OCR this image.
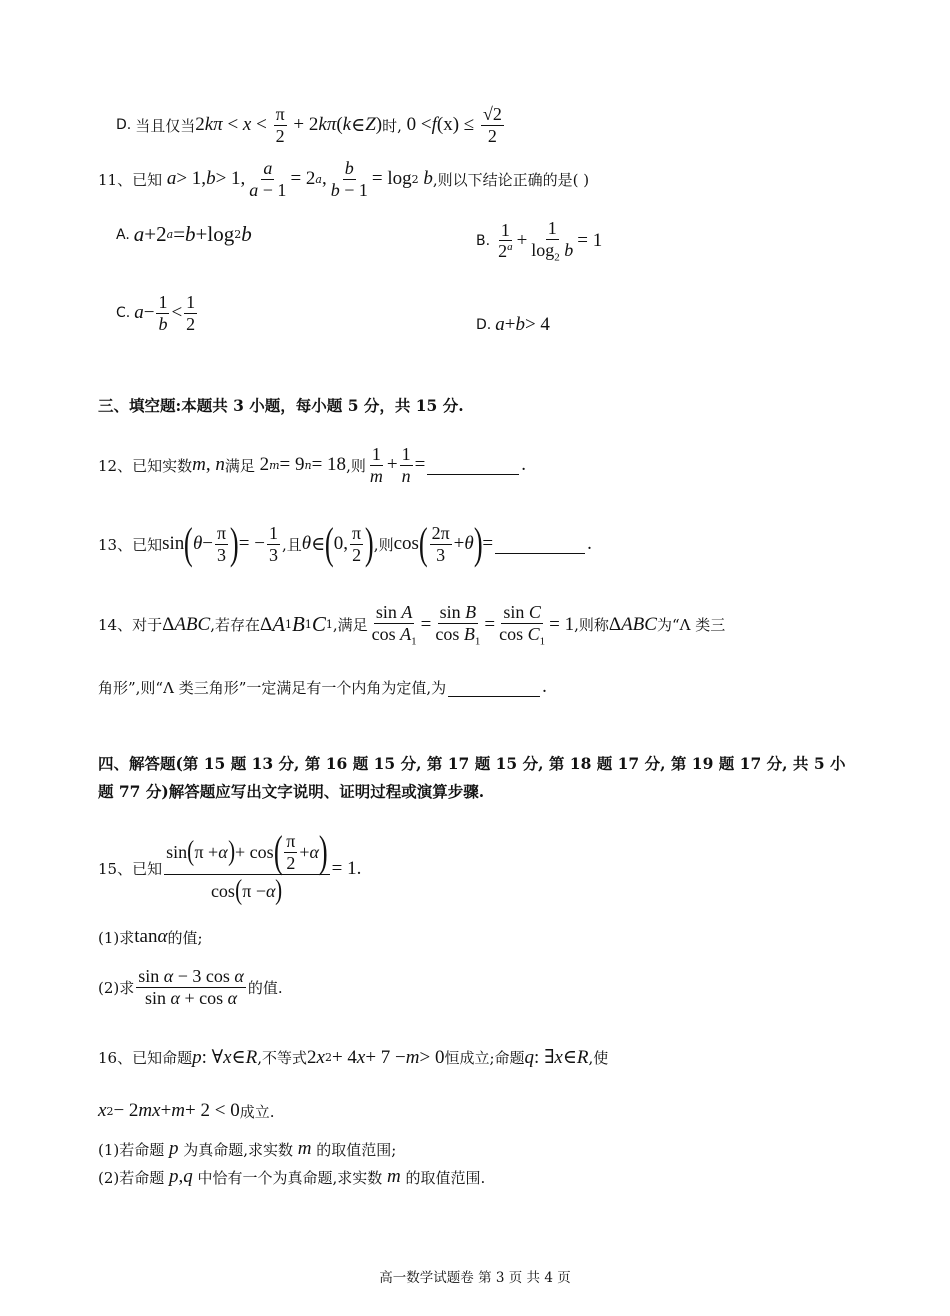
D. 当且仅当 2 $k\pi < x < \frac{\pi}{2} + 2$ kπ ( k ∈ Z ) 时, 0 < f $(x) \le \frac{√2}{2}$
11、已知
a > 1, b > 1, $\frac{a}{a - 1} = 2$ a , $\frac{b}{b - 1} = \log 2$ b ,则以下结论正确的是( )
A. a +2 a = b +log 2 b	B. $\frac{1}{2^a} + \frac{1}{\log_2 b} = 1$
C. $a - \frac{1}{b} < \frac{1}{2}$	D. a + b > 4
三、填空题:本题共 3 小题，每小题 5 分，共 15 分.
12、已知实数 m , n 满足 2 m = 9 n = 18 ,则 $\frac{1}{m} + \frac{1}{n}$ =	.
13、已知 sin ( $\theta - \frac{\pi}{3}$ ) = − $\frac{1}{3}$ ,且 θ ∈ ( 0, $\frac{\pi}{2}$ ) ,则 cos ( $\frac{2\pi}{3} + \theta$ ) =	.
14、对于 Δ ABC ,若存在 Δ A 1 B 1 C 1 ,满足 $\frac{\text{sin A}}{\cos A_1} = \frac{\text{sin B}}{\cos B_1} = \frac{\text{sin C}}{\cos C_1} = 1$ ,则称 Δ ABC 为“Λ 类三
角形”,则“Λ 类三角形”一定满足有一个内角为定值,为	.
四、解答题(第 15 题 13 分, 第 16 题 15 分, 第 17 题 15 分, 第 18 题 17 分, 第 19 题 17 分, 共 5 小
题 77 分)解答题应写出文字说明、证明过程或演算步骤.
15、已知 $\frac{\sin ( \pi + \alpha ) + \cos ( \frac{\pi}{2} + \alpha )}{\cos ( \pi - \alpha )} = 1$.
(1)求 tan α 的值;
(2)求 $\frac{\text{sin α − 3 cos α}}{\text{sin α + cos α}}$ 的值.
16、已知命题 p : ∀ x ∈ R ,不等式 2 x 2 + 4 x + 7 − m > 0 恒成立;命题 q : ∃ x ∈ R ,使
x 2 − 2 mx + m + 2 < 0 成立.
(1)若命题 p 为真命题,求实数 m 的取值范围;
(2)若命题 p , q 中恰有一个为真命题,求实数 m 的取值范围.
高一数学试题卷 第 3 页 共 4 页
